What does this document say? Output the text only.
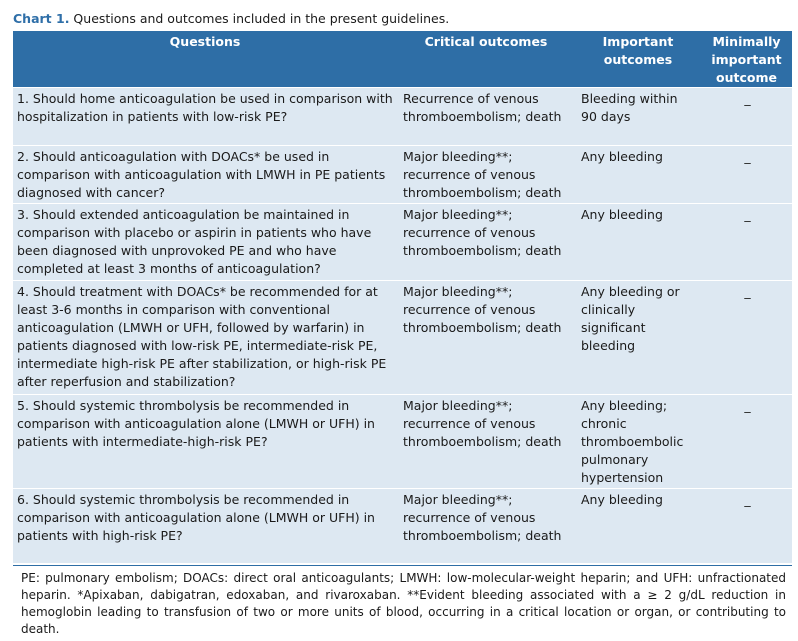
Chart 1. Questions and outcomes included in the present guidelines.
Questions	Critical outcomes	Important outcomes	Minimally important outcome
1. Should home anticoagulation be used in comparison with hospitalization in patients with low-risk PE?	Recurrence of venous thromboembolism; death	Bleeding within 90 days	_
2. Should anticoagulation with DOACs* be used in comparison with anticoagulation with LMWH in PE patients diagnosed with cancer?	Major bleeding**; recurrence of venous thromboembolism; death	Any bleeding	_
3. Should extended anticoagulation be maintained in comparison with placebo or aspirin in patients who have been diagnosed with unprovoked PE and who have completed at least 3 months of anticoagulation?	Major bleeding**; recurrence of venous thromboembolism; death	Any bleeding	_
4. Should treatment with DOACs* be recommended for at least 3-6 months in comparison with conventional anticoagulation (LMWH or UFH, followed by warfarin) in patients diagnosed with low-risk PE, intermediate-risk PE, intermediate high-risk PE after stabilization, or high-risk PE after reperfusion and stabilization?	Major bleeding**; recurrence of venous thromboembolism; death	Any bleeding or clinically significant bleeding	_
5. Should systemic thrombolysis be recommended in comparison with anticoagulation alone (LMWH or UFH) in patients with intermediate-high-risk PE?	Major bleeding**; recurrence of venous thromboembolism; death	Any bleeding; chronic thromboembolic pulmonary hypertension	_
6. Should systemic thrombolysis be recommended in comparison with anticoagulation alone (LMWH or UFH) in patients with high-risk PE?	Major bleeding**; recurrence of venous thromboembolism; death	Any bleeding	_
PE: pulmonary embolism; DOACs: direct oral anticoagulants; LMWH: low-molecular-weight heparin; and UFH: unfractionated heparin. *Apixaban, dabigatran, edoxaban, and rivaroxaban. **Evident bleeding associated with a ≥ 2 g/dL reduction in hemoglobin leading to transfusion of two or more units of blood, occurring in a critical location or organ, or contributing to death.
